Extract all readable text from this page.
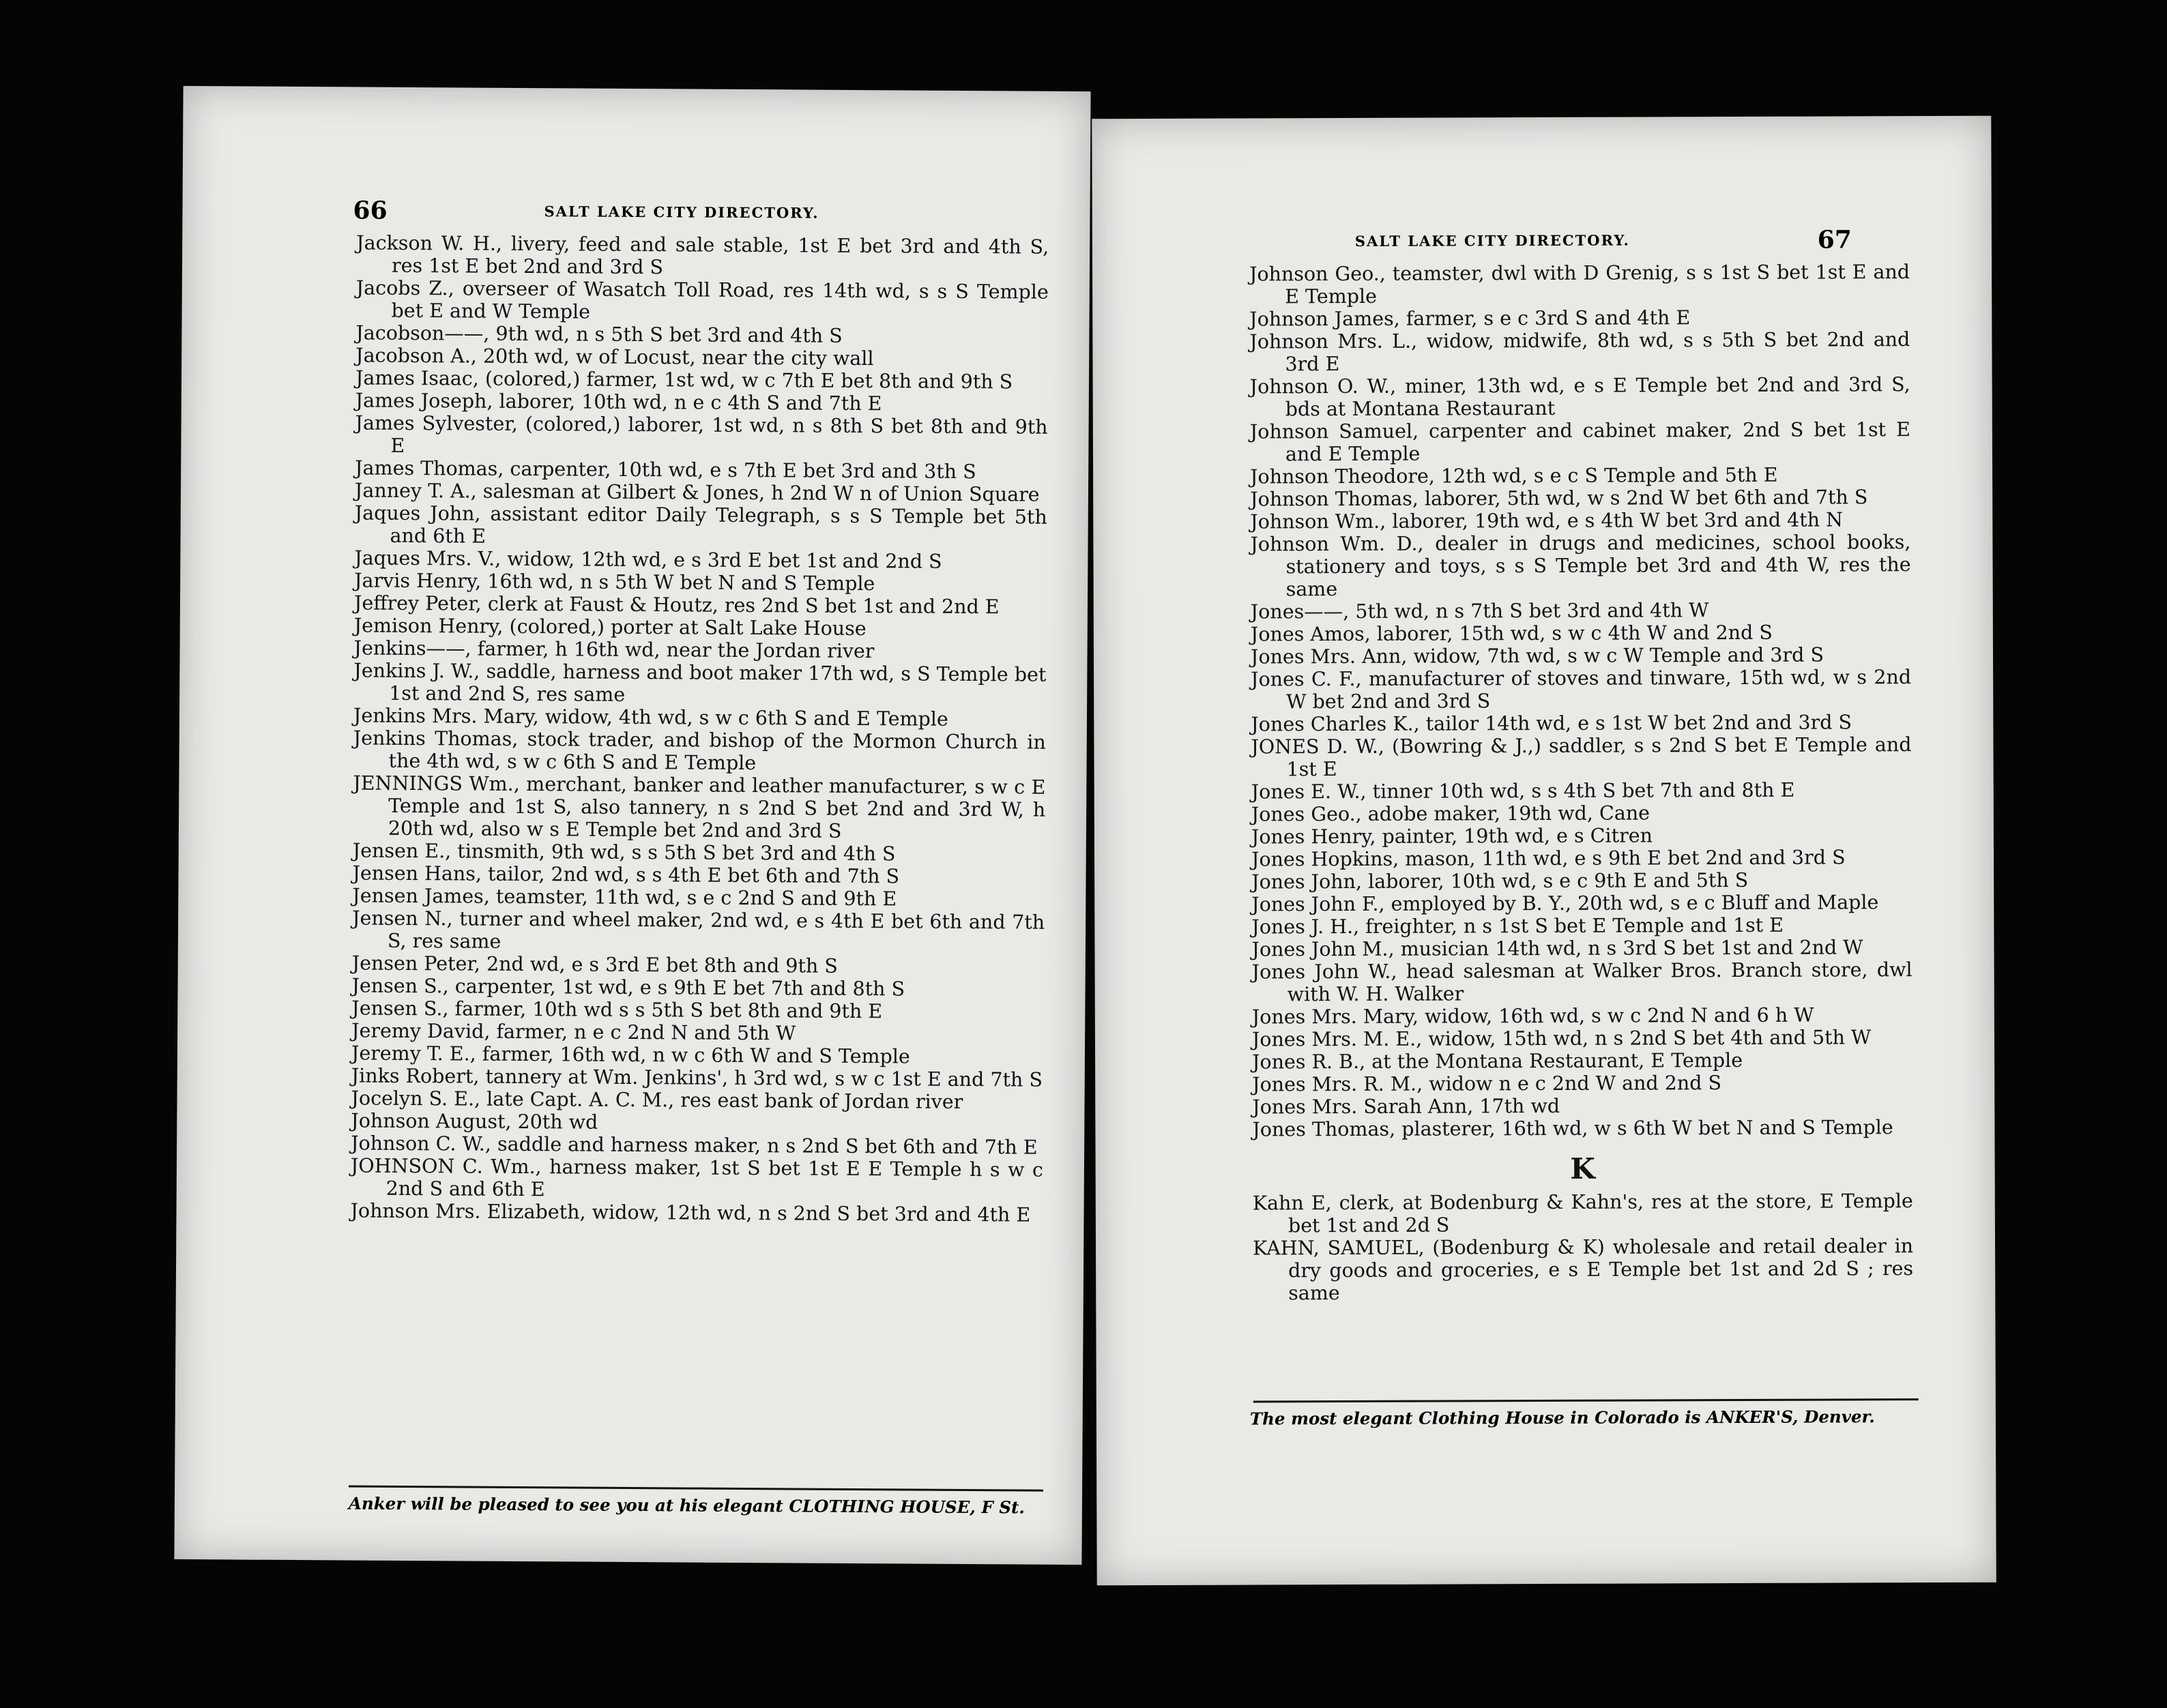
66	SALT LAKE CITY DIRECTORY.

Jackson W. H., livery, feed and sale stable, 1st E bet 3rd and 4th S, res 1st E bet 2nd and 3rd S

Jacobs Z., overseer of Wasatch Toll Road, res 14th wd, s s S Temple bet E and W Temple

Jacobson——, 9th wd, n s 5th S bet 3rd and 4th S

Jacobson A., 20th wd, w of Locust, near the city wall

James Isaac, (colored,) farmer, 1st wd, w c 7th E bet 8th and 9th S

James Joseph, laborer, 10th wd, n e c 4th S and 7th E

James Sylvester, (colored,) laborer, 1st wd, n s 8th S bet 8th and 9th E

James Thomas, carpenter, 10th wd, e s 7th E bet 3rd and 3th S

Janney T. A., salesman at Gilbert & Jones, h 2nd W n of Union Square

Jaques John, assistant editor Daily Telegraph, s s S Temple bet 5th and 6th E

Jaques Mrs. V., widow, 12th wd, e s 3rd E bet 1st and 2nd S

Jarvis Henry, 16th wd, n s 5th W bet N and S Temple

Jeffrey Peter, clerk at Faust & Houtz, res 2nd S bet 1st and 2nd E

Jemison Henry, (colored,) porter at Salt Lake House

Jenkins——, farmer, h 16th wd, near the Jordan river

Jenkins J. W., saddle, harness and boot maker 17th wd, s S Temple bet 1st and 2nd S, res same

Jenkins Mrs. Mary, widow, 4th wd, s w c 6th S and E Temple

Jenkins Thomas, stock trader, and bishop of the Mormon Church in the 4th wd, s w c 6th S and E Temple

JENNINGS Wm., merchant, banker and leather manufacturer, s w c E Temple and 1st S, also tannery, n s 2nd S bet 2nd and 3rd W, h 20th wd, also w s E Temple bet 2nd and 3rd S

Jensen E., tinsmith, 9th wd, s s 5th S bet 3rd and 4th S

Jensen Hans, tailor, 2nd wd, s s 4th E bet 6th and 7th S

Jensen James, teamster, 11th wd, s e c 2nd S and 9th E

Jensen N., turner and wheel maker, 2nd wd, e s 4th E bet 6th and 7th S, res same

Jensen Peter, 2nd wd, e s 3rd E bet 8th and 9th S

Jensen S., carpenter, 1st wd, e s 9th E bet 7th and 8th S

Jensen S., farmer, 10th wd s s 5th S bet 8th and 9th E

Jeremy David, farmer, n e c 2nd N and 5th W

Jeremy T. E., farmer, 16th wd, n w c 6th W and S Temple

Jinks Robert, tannery at Wm. Jenkins', h 3rd wd, s w c 1st E and 7th S

Jocelyn S. E., late Capt. A. C. M., res east bank of Jordan river

Johnson August, 20th wd

Johnson C. W., saddle and harness maker, n s 2nd S bet 6th and 7th E

JOHNSON C. Wm., harness maker, 1st S bet 1st E E Temple h s w c 2nd S and 6th E

Johnson Mrs. Elizabeth, widow, 12th wd, n s 2nd S bet 3rd and 4th E

Anker will be pleased to see you at his elegant CLOTHING HOUSE, F St.
SALT LAKE CITY DIRECTORY.	67

Johnson Geo., teamster, dwl with D Grenig, s s 1st S bet 1st E and E Temple

Johnson James, farmer, s e c 3rd S and 4th E

Johnson Mrs. L., widow, midwife, 8th wd, s s 5th S bet 2nd and 3rd E

Johnson O. W., miner, 13th wd, e s E Temple bet 2nd and 3rd S, bds at Montana Restaurant

Johnson Samuel, carpenter and cabinet maker, 2nd S bet 1st E and E Temple

Johnson Theodore, 12th wd, s e c S Temple and 5th E

Johnson Thomas, laborer, 5th wd, w s 2nd W bet 6th and 7th S

Johnson Wm., laborer, 19th wd, e s 4th W bet 3rd and 4th N

Johnson Wm. D., dealer in drugs and medicines, school books, stationery and toys, s s S Temple bet 3rd and 4th W, res the same

Jones——, 5th wd, n s 7th S bet 3rd and 4th W

Jones Amos, laborer, 15th wd, s w c 4th W and 2nd S

Jones Mrs. Ann, widow, 7th wd, s w c W Temple and 3rd S

Jones C. F., manufacturer of stoves and tinware, 15th wd, w s 2nd W bet 2nd and 3rd S

Jones Charles K., tailor 14th wd, e s 1st W bet 2nd and 3rd S

JONES D. W., (Bowring & J.,) saddler, s s 2nd S bet E Temple and 1st E

Jones E. W., tinner 10th wd, s s 4th S bet 7th and 8th E

Jones Geo., adobe maker, 19th wd, Cane

Jones Henry, painter, 19th wd, e s Citren

Jones Hopkins, mason, 11th wd, e s 9th E bet 2nd and 3rd S

Jones John, laborer, 10th wd, s e c 9th E and 5th S

Jones John F., employed by B. Y., 20th wd, s e c Bluff and Maple

Jones J. H., freighter, n s 1st S bet E Temple and 1st E

Jones John M., musician 14th wd, n s 3rd S bet 1st and 2nd W

Jones John W., head salesman at Walker Bros. Branch store, dwl with W. H. Walker

Jones Mrs. Mary, widow, 16th wd, s w c 2nd N and 6 h W

Jones Mrs. M. E., widow, 15th wd, n s 2nd S bet 4th and 5th W

Jones R. B., at the Montana Restaurant, E Temple

Jones Mrs. R. M., widow n e c 2nd W and 2nd S

Jones Mrs. Sarah Ann, 17th wd

Jones Thomas, plasterer, 16th wd, w s 6th W bet N and S Temple

K

Kahn E, clerk, at Bodenburg & Kahn's, res at the store, E Temple bet 1st and 2d S

KAHN, SAMUEL, (Bodenburg & K) wholesale and retail dealer in dry goods and groceries, e s E Temple bet 1st and 2d S ; res same

The most elegant Clothing House in Colorado is ANKER'S, Denver.
